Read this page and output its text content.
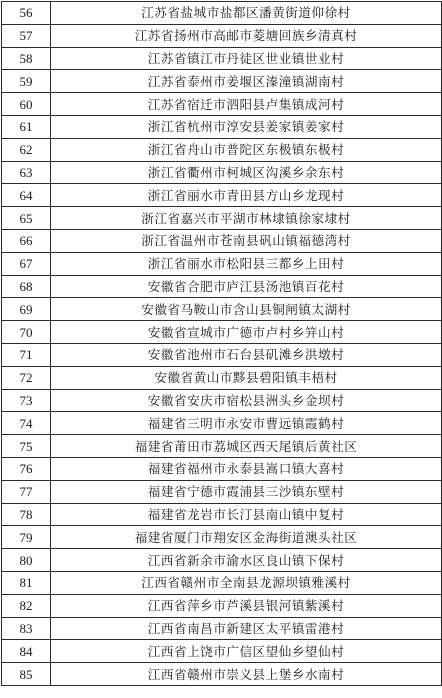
56	江苏省盐城市盐都区潘黄街道仰徐村
57	江苏省扬州市高邮市菱塘回族乡清真村
58	江苏省镇江市丹徒区世业镇世业村
59	江苏省泰州市姜堰区溱潼镇湖南村
60	江苏省宿迁市泗阳县卢集镇成河村
61	浙江省杭州市淳安县姜家镇姜家村
62	浙江省舟山市普陀区东极镇东极村
63	浙江省衢州市柯城区沟溪乡余东村
64	浙江省丽水市青田县方山乡龙现村
65	浙江省嘉兴市平湖市林埭镇徐家埭村
66	浙江省温州市苍南县矾山镇福德湾村
67	浙江省丽水市松阳县三都乡上田村
68	安徽省合肥市庐江县汤池镇百花村
69	安徽省马鞍山市含山县铜闸镇太湖村
70	安徽省宣城市广德市卢村乡笄山村
71	安徽省池州市石台县矶滩乡洪墩村
72	安徽省黄山市黟县碧阳镇丰梧村
73	安徽省安庆市宿松县洲头乡金坝村
74	福建省三明市永安市曹远镇霞鹤村
75	福建省莆田市荔城区西天尾镇后黄社区
76	福建省福州市永泰县嵩口镇大喜村
77	福建省宁德市霞浦县三沙镇东壁村
78	福建省龙岩市长汀县南山镇中复村
79	福建省厦门市翔安区金海街道澳头社区
80	江西省新余市渝水区良山镇下保村
81	江西省赣州市全南县龙源坝镇雅溪村
82	江西省萍乡市芦溪县银河镇紫溪村
83	江西省南昌市新建区太平镇雷港村
84	江西省上饶市广信区望仙乡望仙村
85	江西省赣州市崇义县上堡乡水南村
